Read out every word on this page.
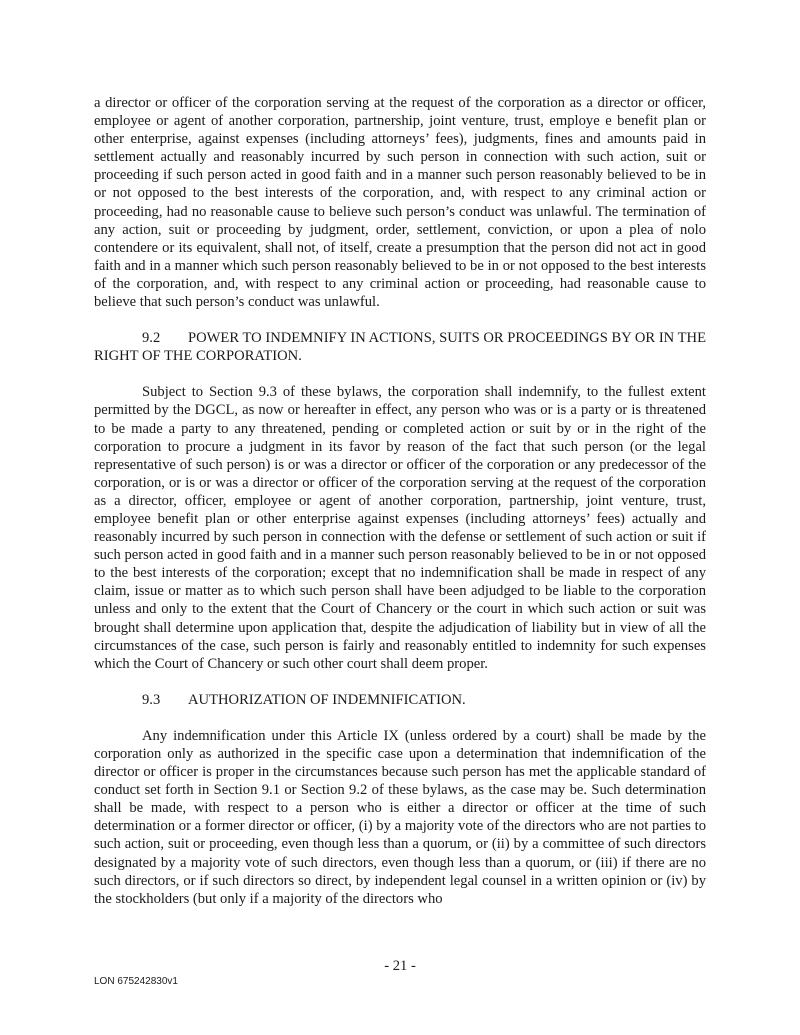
a director or officer of the corporation serving at the request of the corporation as a director or officer, employee or agent of another corporation, partnership, joint venture, trust, employe e benefit plan or other enterprise, against expenses (including attorneys’ fees), judgments, fines and amounts paid in settlement actually and reasonably incurred by such person in connection with such action, suit or proceeding if such person acted in good faith and in a manner such person reasonably believed to be in or not opposed to the best interests of the corporation, and, with respect to any criminal action or proceeding, had no reasonable cause to believe such person’s conduct was unlawful. The termination of any action, suit or proceeding by judgment, order, settlement, conviction, or upon a plea of nolo contendere or its equivalent, shall not, of itself, create a presumption that the person did not act in good faith and in a manner which such person reasonably believed to be in or not opposed to the best interests of the corporation, and, with respect to any criminal action or proceeding, had reasonable cause to believe that such person’s conduct was unlawful.

9.2 POWER TO INDEMNIFY IN ACTIONS, SUITS OR PROCEEDINGS BY OR IN THE RIGHT OF THE CORPORATION.

Subject to Section 9.3 of these bylaws, the corporation shall indemnify, to the fullest extent permitted by the DGCL, as now or hereafter in effect, any person who was or is a party or is threatened to be made a party to any threatened, pending or completed action or suit by or in the right of the corporation to procure a judgment in its favor by reason of the fact that such person (or the legal representative of such person) is or was a director or officer of the corporation or any predecessor of the corporation, or is or was a director or officer of the corporation serving at the request of the corporation as a director, officer, employee or agent of another corporation, partnership, joint venture, trust, employee benefit plan or other enterprise against expenses (including attorneys’ fees) actually and reasonably incurred by such person in connection with the defense or settlement of such action or suit if such person acted in good faith and in a manner such person reasonably believed to be in or not opposed to the best interests of the corporation; except that no indemnification shall be made in respect of any claim, issue or matter as to which such person shall have been adjudged to be liable to the corporation unless and only to the extent that the Court of Chancery or the court in which such action or suit was brought shall determine upon application that, despite the adjudication of liability but in view of all the circumstances of the case, such person is fairly and reasonably entitled to indemnity for such expenses which the Court of Chancery or such other court shall deem proper.

9.3 AUTHORIZATION OF INDEMNIFICATION.

Any indemnification under this Article IX (unless ordered by a court) shall be made by the corporation only as authorized in the specific case upon a determination that indemnification of the director or officer is proper in the circumstances because such person has met the applicable standard of conduct set forth in Section 9.1 or Section 9.2 of these bylaws, as the case may be. Such determination shall be made, with respect to a person who is either a director or officer at the time of such determination or a former director or officer, (i) by a majority vote of the directors who are not parties to such action, suit or proceeding, even though less than a quorum, or (ii) by a committee of such directors designated by a majority vote of such directors, even though less than a quorum, or (iii) if there are no such directors, or if such directors so direct, by independent legal counsel in a written opinion or (iv) by the stockholders (but only if a majority of the directors who

- 21 -
LON 675242830v1
